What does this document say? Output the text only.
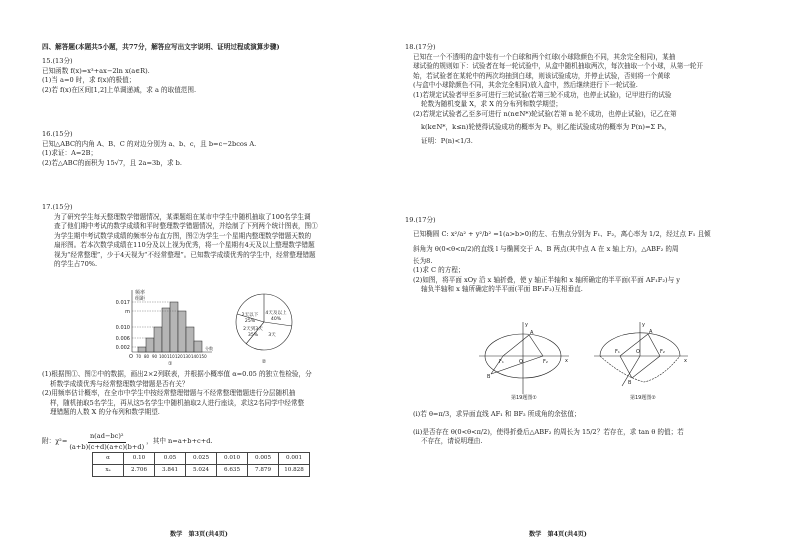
四、解答题(本题共5小题，共77分，解答应写出文字说明、证明过程或演算步骤)
15.(13分)
已知函数 f(x)=x³+ax−2ln x(a∈R).
(1)当 a=0 时，求 f(x)的极值；
(2)若 f(x)在区间[1,2]上单调递减，求 a 的取值范围.
16.(15分)
已知△ABC的内角 A、B、C 的对边分别为 a、b、c，且 b=c−2bcos A.
(1)求证：A=2B；
(2)若△ABC的面积为 15√7，且 2a=3b，求 b.
17.(15分)
为了研究学生每天整理数学错题情况，某课题组在某市中学生中随机抽取了100名学生调
查了他们期中考试的数学成绩和平时整理数学错题情况，并绘制了下列两个统计图表，图①
为学生期中考试数学成绩的频率分布直方图，图②为学生一个星期内整理数学错题天数的
扇形图。若本次数学成绩在110分及以上视为优秀，将一个星期有4天及以上整理数学错题
视为“经常整理”，少于4天视为“不经常整理”。已知数学成绩优秀的学生中，经常整理错题
的学生占70%.
频率
组距
0.017
m
0.010
0.006
0.002
O 70 80 90 100 110 120 130 140 150
分数
①
4天及以上
40%
2天以下
25%
2天到3天
35% 3天
②
(1)根据图①、图②中的数据，画出2×2列联表，并根据小概率值 α=0.05 的独立性检验，分
析数学成绩优秀与经常整理数学错题是否有关？
(2)用频率估计概率，在全市中学生中按经常整理错题与不经常整理错题进行分层随机抽
样，随机抽取5名学生，再从这5名学生中随机抽取2人进行座谈，求这2名同学中经常整
理错题的人数 X 的分布列和数学期望.
附： $\chi^2= \frac{\text{n(ad−bc)²}}{(a+b)(c+d)(a+c)(b+d)}$ ，其中 n=a+b+c+d.
α	0.10	0.05	0.025	0.010	0.005	0.001
xₐ	2.706	3.841	5.024	6.635	7.879	10.828
数学　第3页(共4页)
18.(17分)
已知在一个不透明的盒中装有一个白球和两个红球(小球除颜色不同，其余完全相同)，某抽
球试验的规则如下：试验者在每一轮试验中，从盒中随机抽取两次，每次抽取一个小球，从第一轮开
始，若试验者在某轮中的两次均抽到白球，则该试验成功，并停止试验，否则将一个黄球
(与盒中小球除颜色不同，其余完全相同)放入盒中，然后继续进行下一轮试验.
(1)若规定试验者甲至多可进行三轮试验(若第三轮不成功，也停止试验)，记甲进行的试验
轮数为随机变量 X，求 X 的分布列和数学期望；
(2)若规定试验者乙至多可进行 n(n∈N*)轮试验(若第 n 轮不成功，也停止试验)，记乙在第
k(k∈N*，k≤n)轮使得试验成功的概率为 Pₖ，则乙能试验成功的概率为 P(n)=Σ Pₖ，
证明：P(n)<1/3.
19.(17分)
已知椭圆 C: x²/a² + y²/b² =1(a>b>0)的左、右焦点分别为 F₁、F₂，离心率为 1/2，经过点 F₁ 且倾
斜角为 θ(0<θ<π/2)的直线 l 与椭圆交于 A、B 两点(其中点 A 在 x 轴上方)，△ABF₂ 的周
长为8.
(1)求 C 的方程；
(2)如图，将平面 xOy 沿 x 轴折叠，使 y 轴正半轴和 x 轴所确定的半平面(平面 AF₁F₂)与 y
轴负半轴和 x 轴所确定的半平面(平面 BF₁F₂)互相垂直.
y
x
A
B
F₁	F₂
O
第19题图①
y
x
A
B
F₁	F₂
O
第19题图②
(i)若 θ=π/3，求异面直线 AF₁ 和 BF₂ 所成角的余弦值；
(ii)是否存在 θ(0<θ<π/2)，使得折叠后△ABF₂ 的周长为 15/2？若存在，求 tan θ 的值；若
不存在，请说明理由.
数学　第4页(共4页)
